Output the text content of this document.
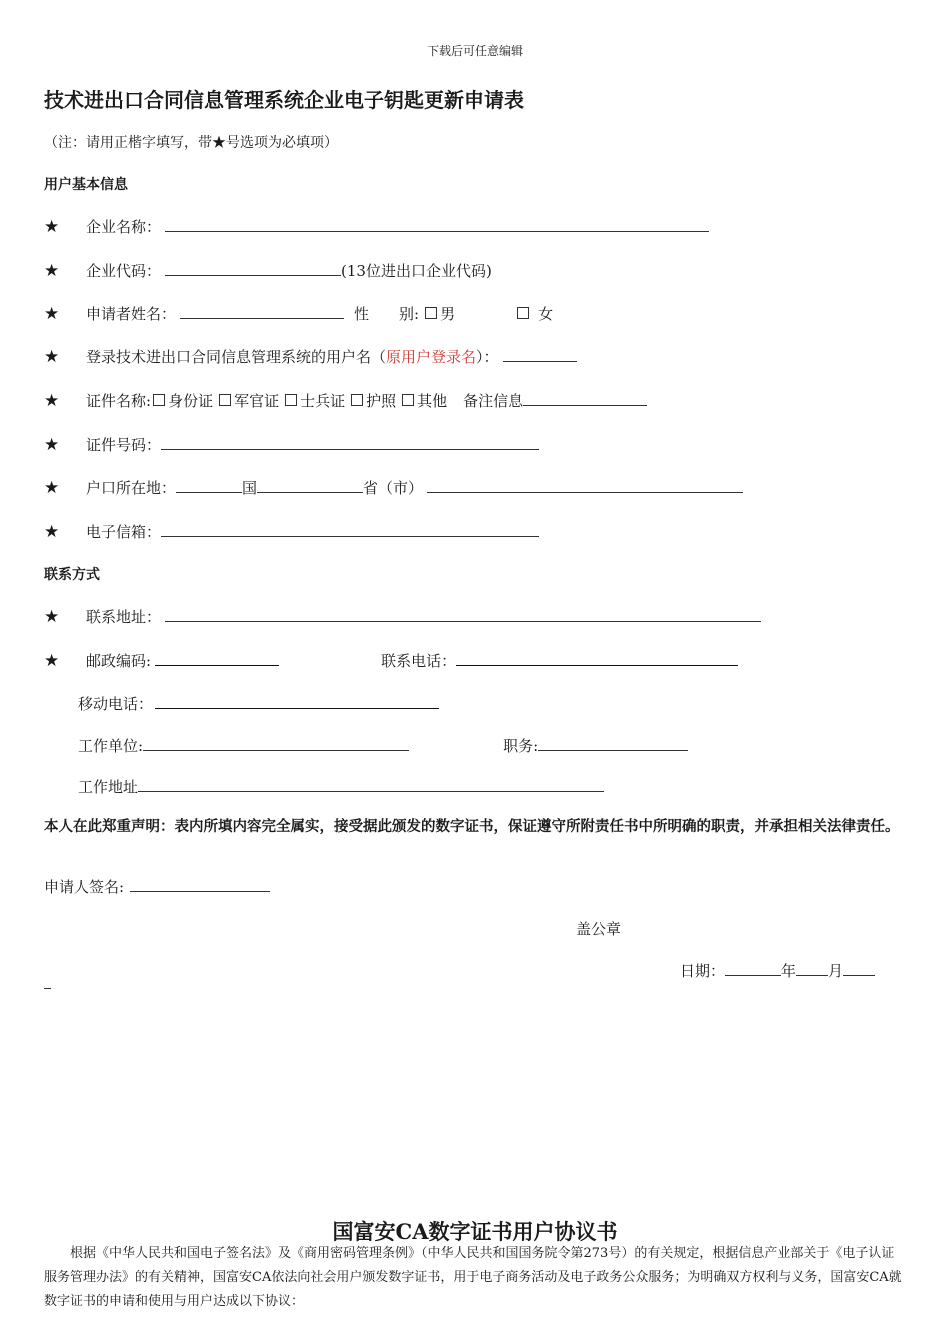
下载后可任意编辑
技术进出口合同信息管理系统企业电子钥匙更新申请表
（注：请用正楷字填写，带★号选项为必填项）
用户基本信息
★	企业名称：
★	企业代码：	(13位进出口企业代码)
★	申请者姓名：	性　　别: 男	女
★	登录技术进出口合同信息管理系统的用户名（ 原用户登录名 ）：
★	证件名称: 身份证 军官证 士兵证 护照 其他 备注信息
★	证件号码：
★	户口所在地：	国	省（市）
★	电子信箱：
联系方式
★	联系地址：
★	邮政编码:	联系电话：
移动电话：
工作单位:	职务:
工作地址
本人在此郑重声明：表内所填内容完全属实，接受据此颁发的数字证书，保证遵守所附责任书中所明确的职责，并承担相关法律责任。
申请人签名:
盖公章
日期：	年 月
国富安CA数字证书用户协议书
根据《中华人民共和国电子签名法》及《商用密码管理条例》（中华人民共和国国务院令第273号）的有关规定，根据信息产业部关于《电子认证服务管理办法》的有关精神，国富安CA依法向社会用户颁发数字证书，用于电子商务活动及电子政务公众服务；为明确双方权利与义务，国富安CA就数字证书的申请和使用与用户达成以下协议：
